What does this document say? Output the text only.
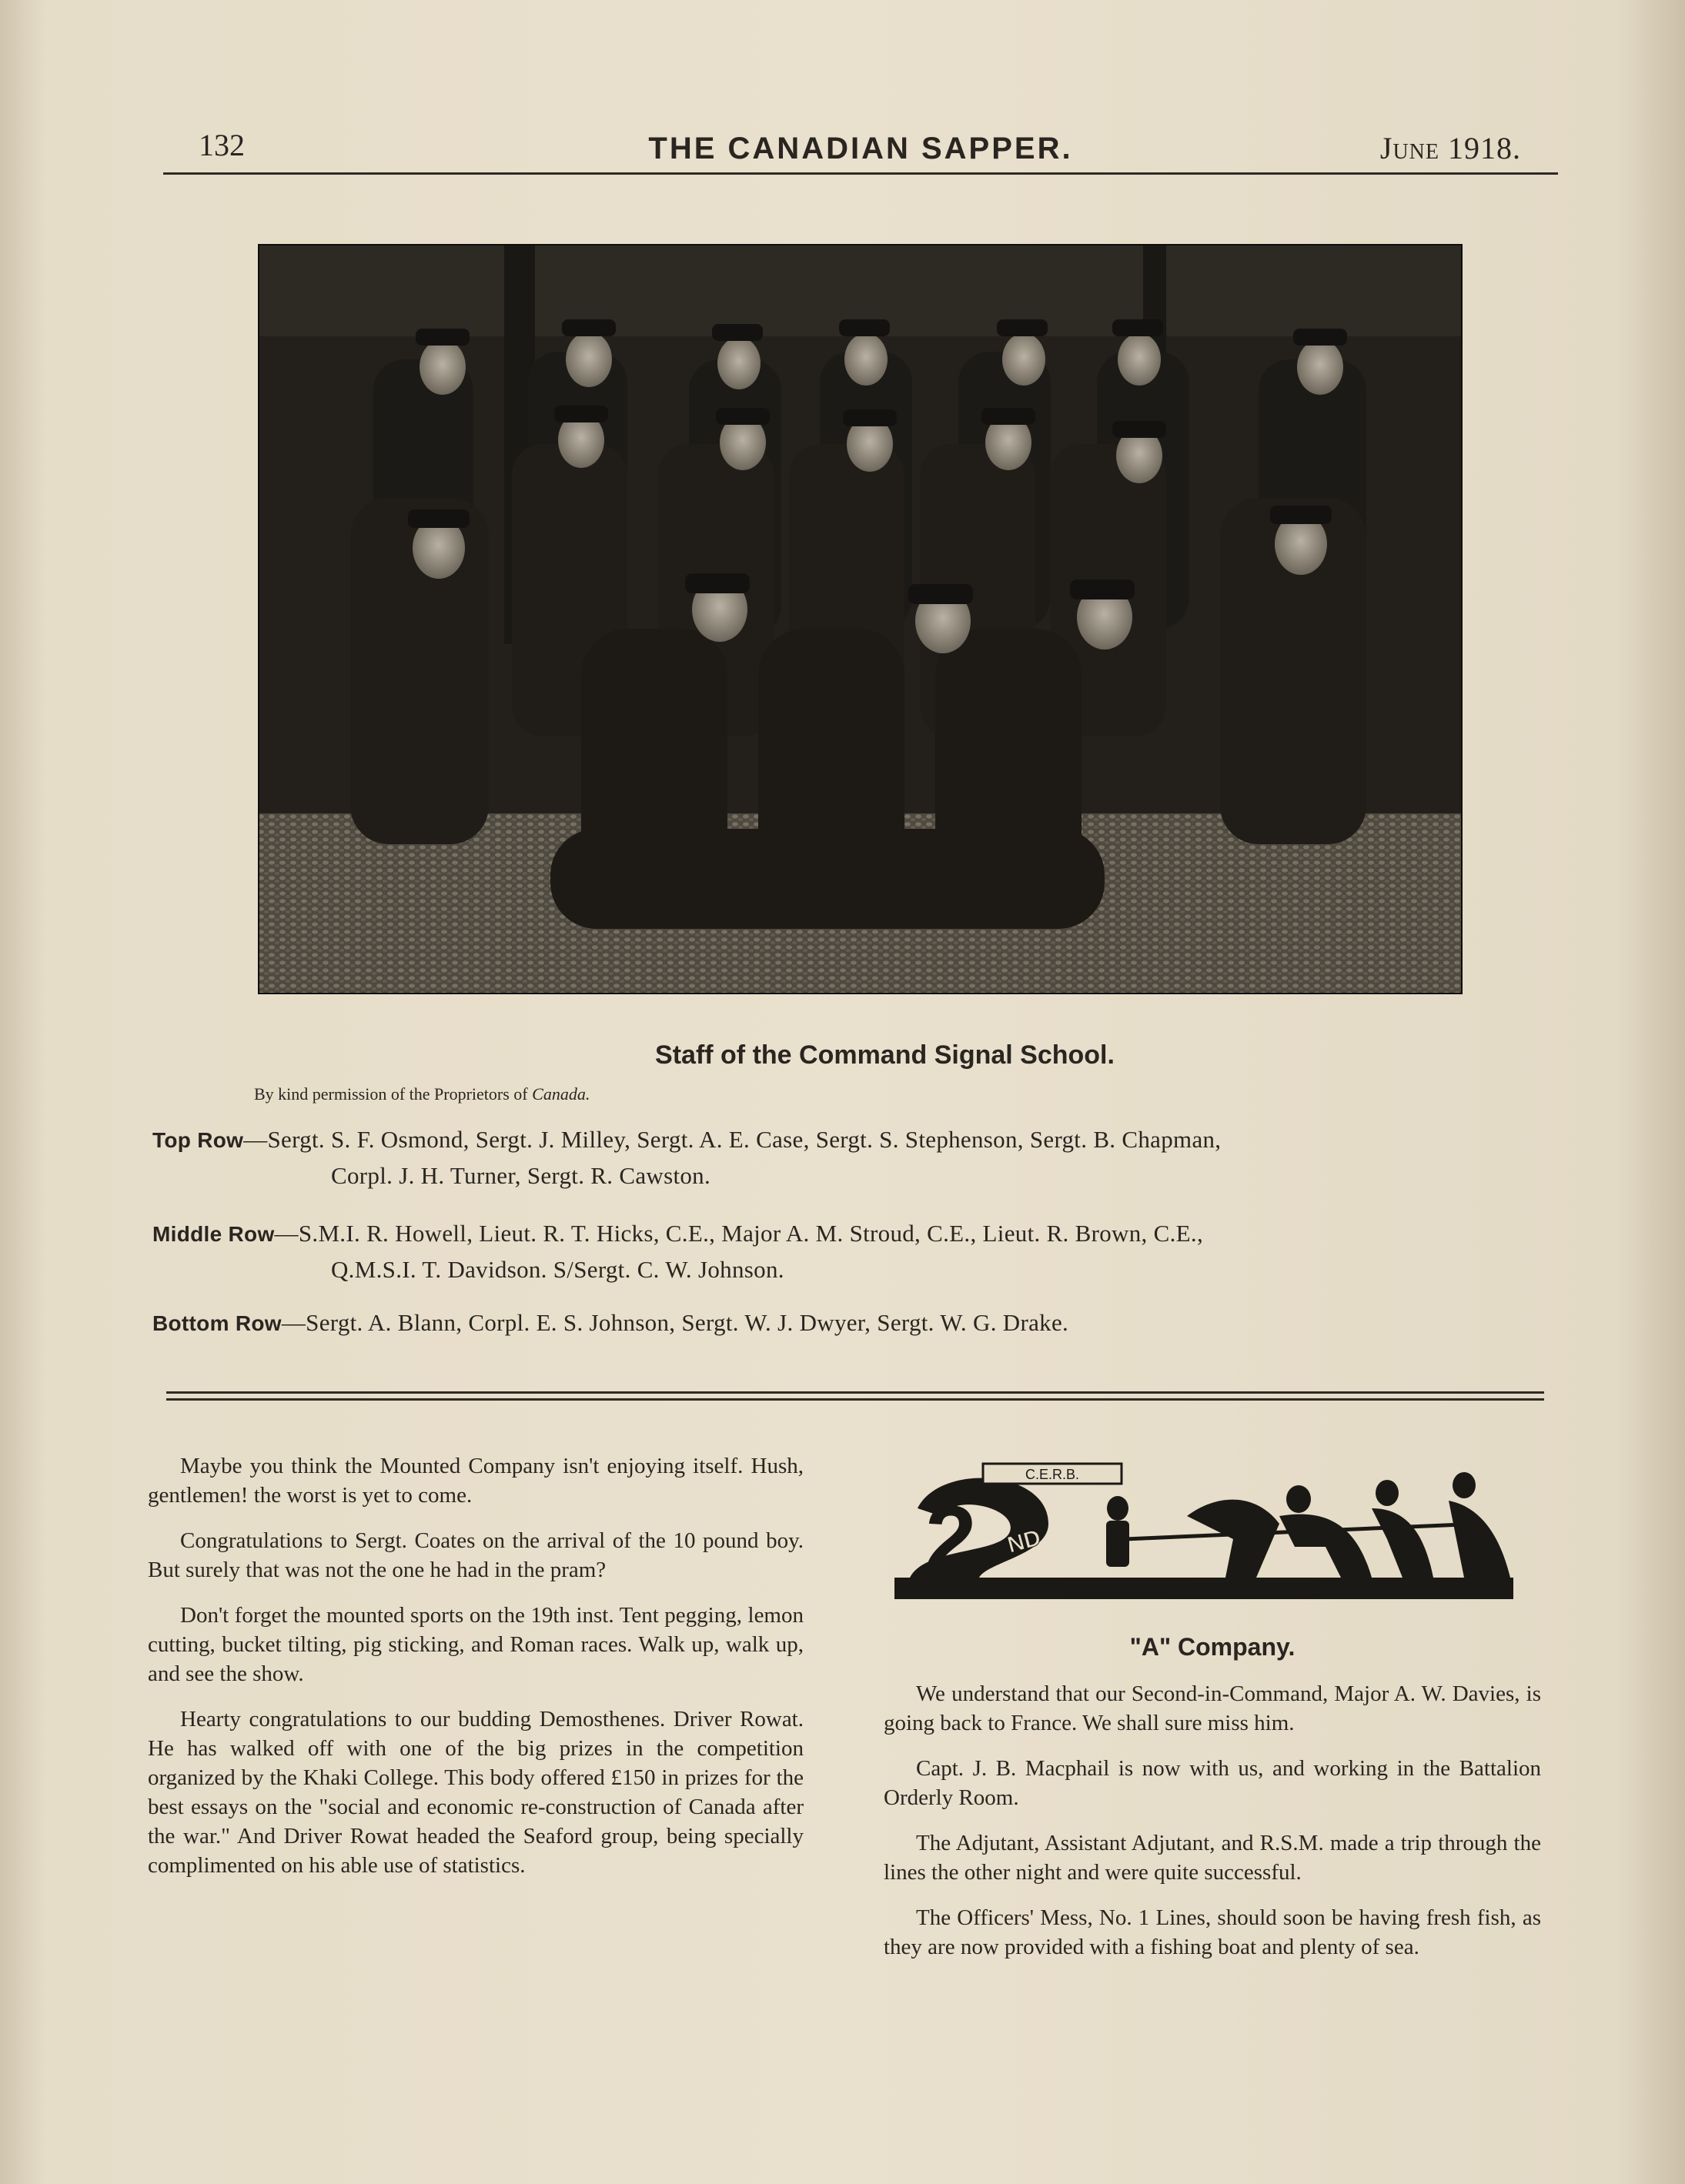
132	THE CANADIAN SAPPER.	June 1918.
Staff of the Command Signal School.
By kind permission of the Proprietors of Canada.
Top Row—Sergt. S. F. Osmond, Sergt. J. Milley, Sergt. A. E. Case, Sergt. S. Stephenson, Sergt. B. Chapman,
Corpl. J. H. Turner, Sergt. R. Cawston.
Middle Row—S.M.I. R. Howell, Lieut. R. T. Hicks, C.E., Major A. M. Stroud, C.E., Lieut. R. Brown, C.E.,
Q.M.S.I. T. Davidson. S/Sergt. C. W. Johnson.
Bottom Row—Sergt. A. Blann, Corpl. E. S. Johnson, Sergt. W. J. Dwyer, Sergt. W. G. Drake.

Maybe you think the Mounted Company isn't enjoying itself. Hush, gentlemen! the worst is yet to come.

Congratulations to Sergt. Coates on the arrival of the 10 pound boy. But surely that was not the one he had in the pram?

Don't forget the mounted sports on the 19th inst. Tent pegging, lemon cutting, bucket tilting, pig sticking, and Roman races. Walk up, walk up, and see the show.

Hearty congratulations to our budding Demosthenes. Driver Rowat. He has walked off with one of the big prizes in the competition organized by the Khaki College. This body offered £150 in prizes for the best essays on the "social and economic re-construction of Canada after the war." And Driver Rowat headed the Seaford group, being specially complimented on his able use of statistics.

C.E.R.B.
2 ND
"A" Company.

We understand that our Second-in-Command, Major A. W. Davies, is going back to France. We shall sure miss him.

Capt. J. B. Macphail is now with us, and working in the Battalion Orderly Room.

The Adjutant, Assistant Adjutant, and R.S.M. made a trip through the lines the other night and were quite successful.

The Officers' Mess, No. 1 Lines, should soon be having fresh fish, as they are now provided with a fishing boat and plenty of sea.
